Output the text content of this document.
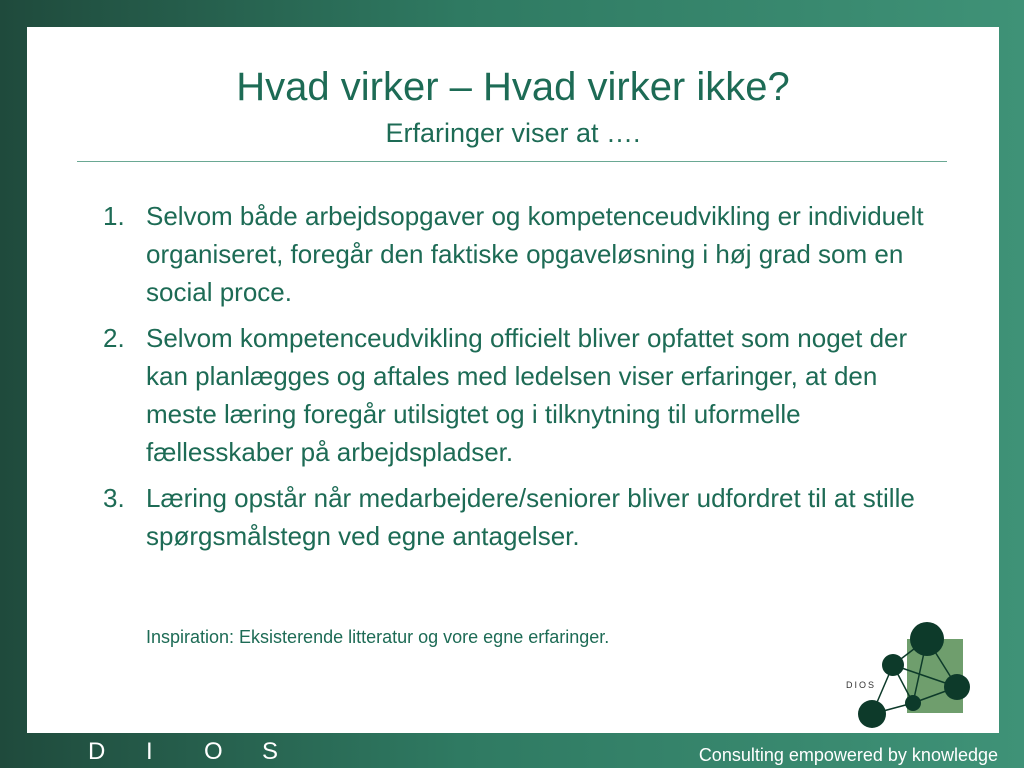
Hvad virker – Hvad virker ikke?
Erfaringer viser at ….
1. Selvom både arbejdsopgaver og kompetenceudvikling er individuelt organiseret, foregår den faktiske opgaveløsning i høj grad som en social proce.
2. Selvom kompetenceudvikling officielt bliver opfattet som noget der kan planlægges og aftales med ledelsen viser erfaringer, at den meste læring foregår utilsigtet og i tilknytning til uformelle fællesskaber på arbejdspladser.
3. Læring opstår når medarbejdere/seniorer bliver udfordret til at stille spørgsmålstegn ved egne antagelser.
Inspiration: Eksisterende litteratur og vore egne erfaringer.
DIOS
D I O S	Consulting empowered by knowledge
